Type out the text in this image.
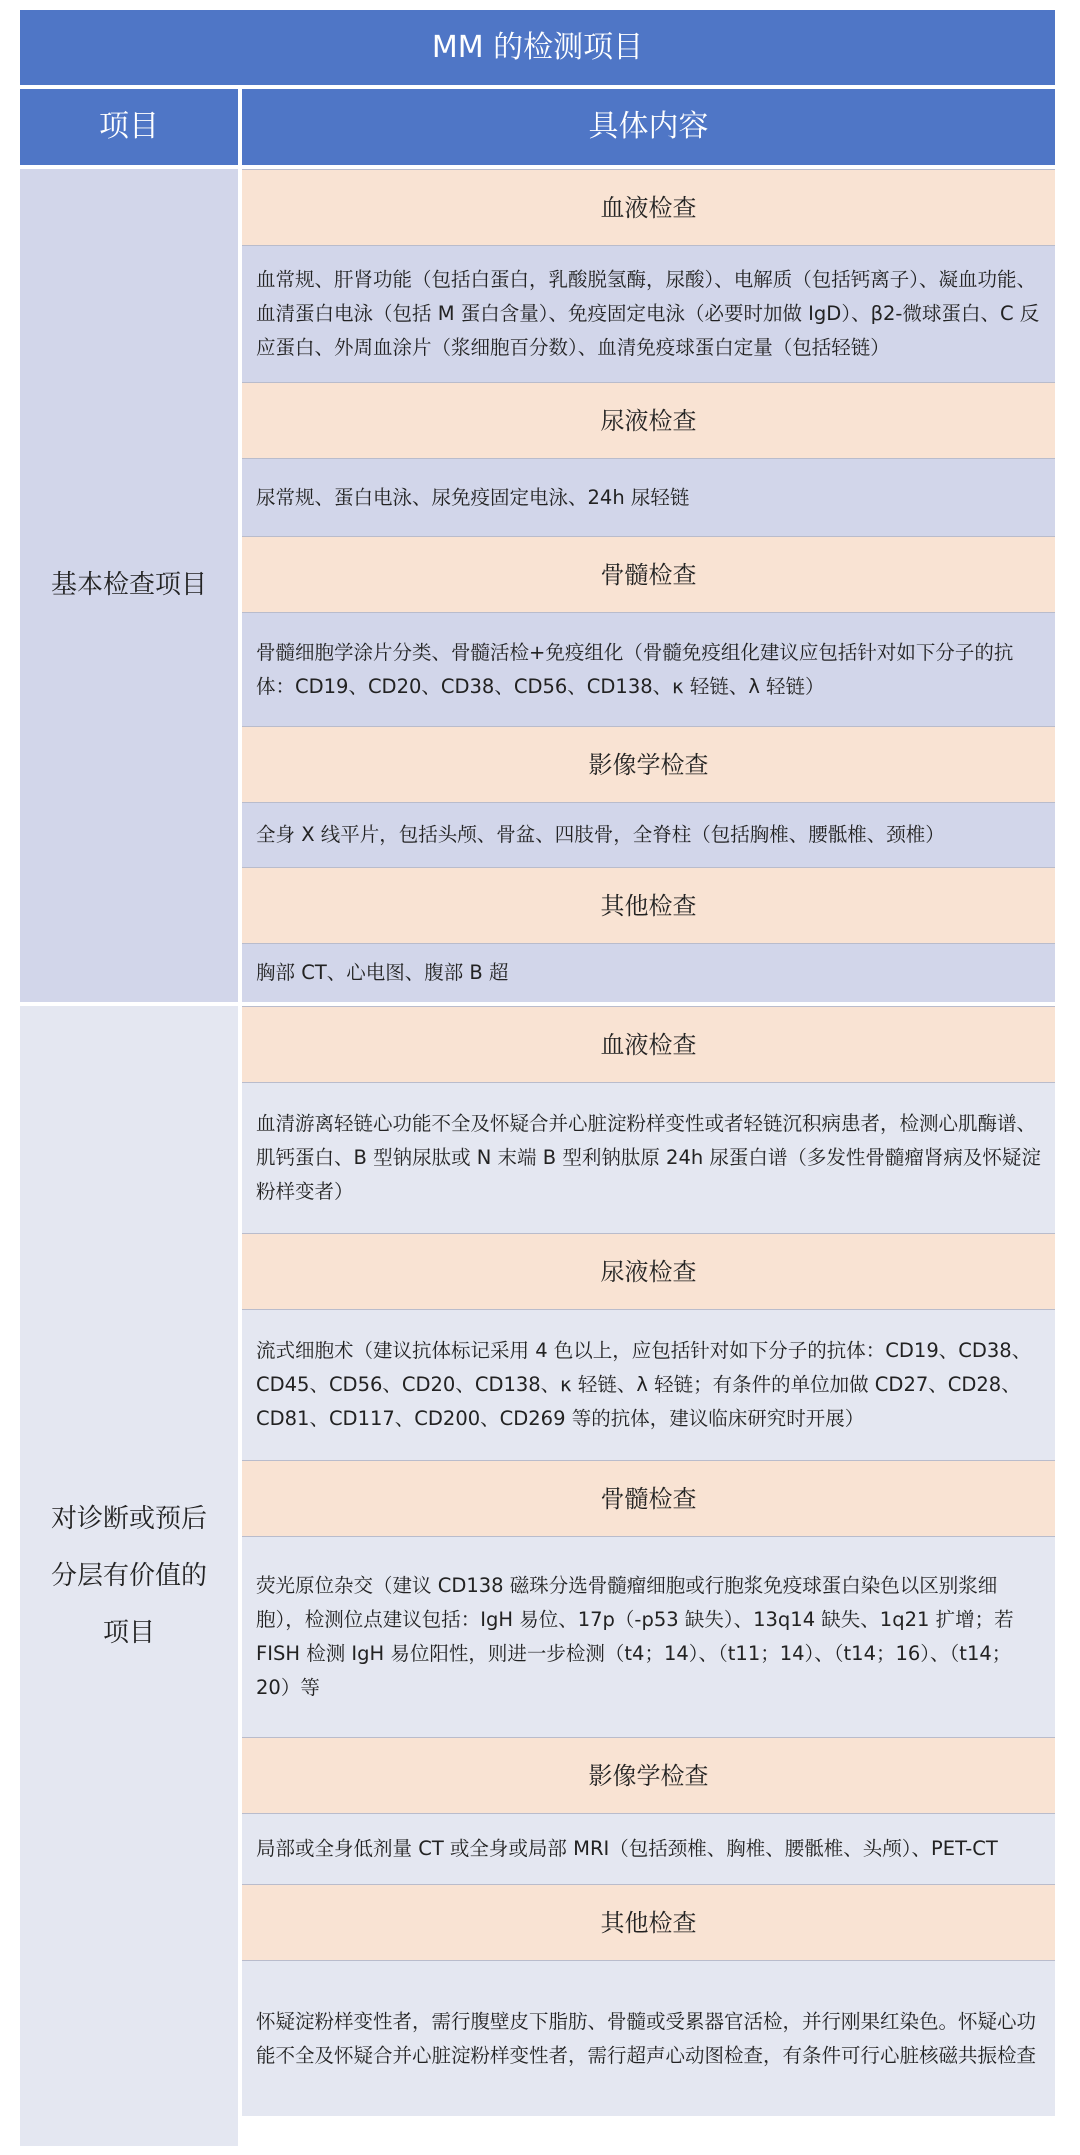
MM 的检测项目
项目	具体内容
基本检查项目
血液检查
血常规、肝肾功能（包括白蛋白，乳酸脱氢酶，尿酸）、电解质（包括钙离子）、凝血功能、血清蛋白电泳（包括 M 蛋白含量）、免疫固定电泳（必要时加做 IgD）、β2-微球蛋白、C 反应蛋白、外周血涂片（浆细胞百分数）、血清免疫球蛋白定量（包括轻链）
尿液检查
尿常规、蛋白电泳、尿免疫固定电泳、24h 尿轻链
骨髓检查
骨髓细胞学涂片分类、骨髓活检+免疫组化（骨髓免疫组化建议应包括针对如下分子的抗体：CD19、CD20、CD38、CD56、CD138、κ 轻链、λ 轻链）
影像学检查
全身 X 线平片，包括头颅、骨盆、四肢骨，全脊柱（包括胸椎、腰骶椎、颈椎）
其他检查
胸部 CT、心电图、腹部 B 超
对诊断或预后分层有价值的项目
血液检查
血清游离轻链心功能不全及怀疑合并心脏淀粉样变性或者轻链沉积病患者，检测心肌酶谱、肌钙蛋白、B 型钠尿肽或 N 末端 B 型利钠肽原 24h 尿蛋白谱（多发性骨髓瘤肾病及怀疑淀粉样变者）
尿液检查
流式细胞术（建议抗体标记采用 4 色以上，应包括针对如下分子的抗体：CD19、CD38、CD45、CD56、CD20、CD138、κ 轻链、λ 轻链；有条件的单位加做 CD27、CD28、CD81、CD117、CD200、CD269 等的抗体，建议临床研究时开展）
骨髓检查
荧光原位杂交（建议 CD138 磁珠分选骨髓瘤细胞或行胞浆免疫球蛋白染色以区别浆细胞），检测位点建议包括：IgH 易位、17p（-p53 缺失）、13q14 缺失、1q21 扩增；若 FISH 检测 IgH 易位阳性，则进一步检测（t4；14）、（t11；14）、（t14；16）、（t14；20）等
影像学检查
局部或全身低剂量 CT 或全身或局部 MRI（包括颈椎、胸椎、腰骶椎、头颅）、PET-CT
其他检查
怀疑淀粉样变性者，需行腹壁皮下脂肪、骨髓或受累器官活检，并行刚果红染色。怀疑心功能不全及怀疑合并心脏淀粉样变性者，需行超声心动图检查，有条件可行心脏核磁共振检查
